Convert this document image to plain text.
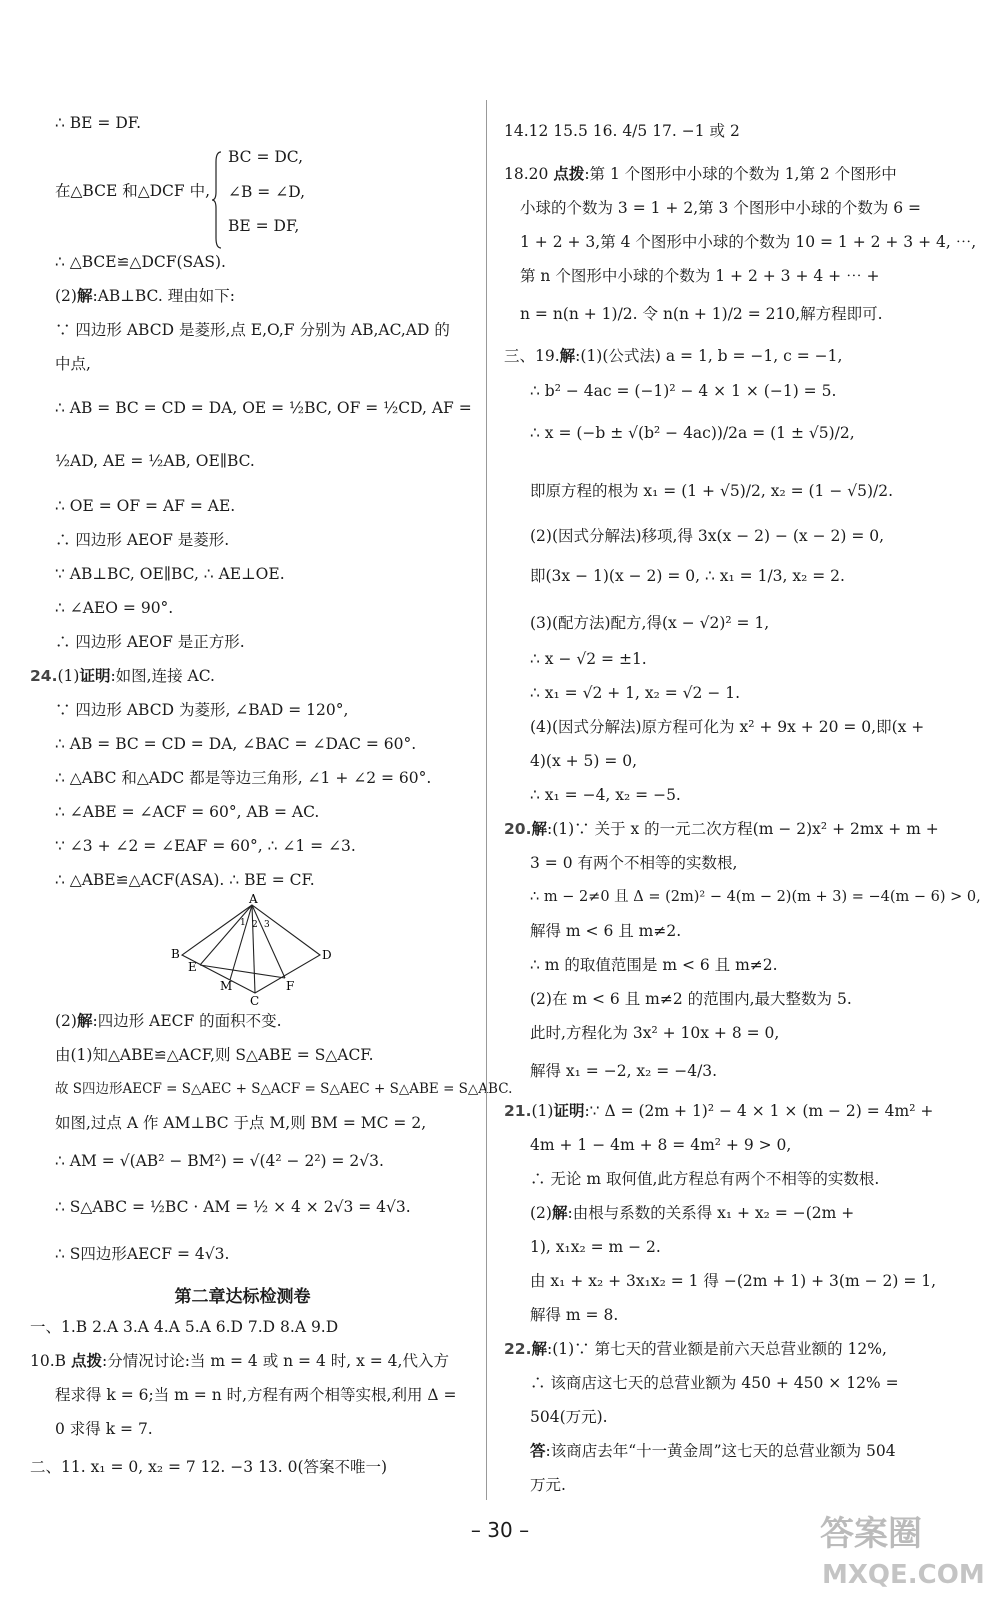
∴ BE = DF.
在△BCE 和△DCF 中,
BC = DC,
∠B = ∠D,
BE = DF,
∴ △BCE≌△DCF(SAS).
(2)解:AB⊥BC. 理由如下:
∵ 四边形 ABCD 是菱形,点 E,O,F 分别为 AB,AC,AD 的
中点,
∴ AB = BC = CD = DA, OE = ½BC, OF = ½CD, AF =
½AD, AE = ½AB, OE∥BC.
∴ OE = OF = AF = AE.
∴ 四边形 AEOF 是菱形.
∵ AB⊥BC, OE∥BC, ∴ AE⊥OE.
∴ ∠AEO = 90°.
∴ 四边形 AEOF 是正方形.
24.(1)证明:如图,连接 AC.
∵ 四边形 ABCD 为菱形, ∠BAD = 120°,
∴ AB = BC = CD = DA, ∠BAC = ∠DAC = 60°.
∴ △ABC 和△ADC 都是等边三角形, ∠1 + ∠2 = 60°.
∴ ∠ABE = ∠ACF = 60°, AB = AC.
∵ ∠3 + ∠2 = ∠EAF = 60°, ∴ ∠1 = ∠3.
∴ △ABE≌△ACF(ASA). ∴ BE = CF.
A
B
C
D
E
F
M
1 2 3
(2)解:四边形 AECF 的面积不变.
由(1)知△ABE≌△ACF,则 S△ABE = S△ACF.
故 S四边形AECF = S△AEC + S△ACF = S△AEC + S△ABE = S△ABC.
如图,过点 A 作 AM⊥BC 于点 M,则 BM = MC = 2,
∴ AM = √(AB² − BM²) = √(4² − 2²) = 2√3.
∴ S△ABC = ½BC · AM = ½ × 4 × 2√3 = 4√3.
∴ S四边形AECF = 4√3.
第二章达标检测卷
一、1.B 2.A 3.A 4.A 5.A 6.D 7.D 8.A 9.D
10.B 点拨:分情况讨论:当 m = 4 或 n = 4 时, x = 4,代入方
程求得 k = 6;当 m = n 时,方程有两个相等实根,利用 Δ =
0 求得 k = 7.
二、11. x₁ = 0, x₂ = 7 12. −3 13. 0(答案不唯一)
14.12 15.5 16. 4/5 17. −1 或 2
18.20 点拨:第 1 个图形中小球的个数为 1,第 2 个图形中
小球的个数为 3 = 1 + 2,第 3 个图形中小球的个数为 6 =
1 + 2 + 3,第 4 个图形中小球的个数为 10 = 1 + 2 + 3 + 4, ⋯,
第 n 个图形中小球的个数为 1 + 2 + 3 + 4 + ⋯ +
n = n(n + 1)/2. 令 n(n + 1)/2 = 210,解方程即可.
三、19.解:(1)(公式法) a = 1, b = −1, c = −1,
∴ b² − 4ac = (−1)² − 4 × 1 × (−1) = 5.
∴ x = (−b ± √(b² − 4ac))/2a = (1 ± √5)/2,
即原方程的根为 x₁ = (1 + √5)/2, x₂ = (1 − √5)/2.
(2)(因式分解法)移项,得 3x(x − 2) − (x − 2) = 0,
即(3x − 1)(x − 2) = 0, ∴ x₁ = 1/3, x₂ = 2.
(3)(配方法)配方,得(x − √2)² = 1,
∴ x − √2 = ±1.
∴ x₁ = √2 + 1, x₂ = √2 − 1.
(4)(因式分解法)原方程可化为 x² + 9x + 20 = 0,即(x +
4)(x + 5) = 0,
∴ x₁ = −4, x₂ = −5.
20.解:(1)∵ 关于 x 的一元二次方程(m − 2)x² + 2mx + m +
3 = 0 有两个不相等的实数根,
∴ m − 2≠0 且 Δ = (2m)² − 4(m − 2)(m + 3) = −4(m − 6) > 0,
解得 m < 6 且 m≠2.
∴ m 的取值范围是 m < 6 且 m≠2.
(2)在 m < 6 且 m≠2 的范围内,最大整数为 5.
此时,方程化为 3x² + 10x + 8 = 0,
解得 x₁ = −2, x₂ = −4/3.
21.(1)证明:∵ Δ = (2m + 1)² − 4 × 1 × (m − 2) = 4m² +
4m + 1 − 4m + 8 = 4m² + 9 > 0,
∴ 无论 m 取何值,此方程总有两个不相等的实数根.
(2)解:由根与系数的关系得 x₁ + x₂ = −(2m +
1), x₁x₂ = m − 2.
由 x₁ + x₂ + 3x₁x₂ = 1 得 −(2m + 1) + 3(m − 2) = 1,
解得 m = 8.
22.解:(1)∵ 第七天的营业额是前六天总营业额的 12%,
∴ 该商店这七天的总营业额为 450 + 450 × 12% =
504(万元).
答:该商店去年“十一黄金周”这七天的总营业额为 504
万元.
– 30 –	答案圈
MXQE.COM
